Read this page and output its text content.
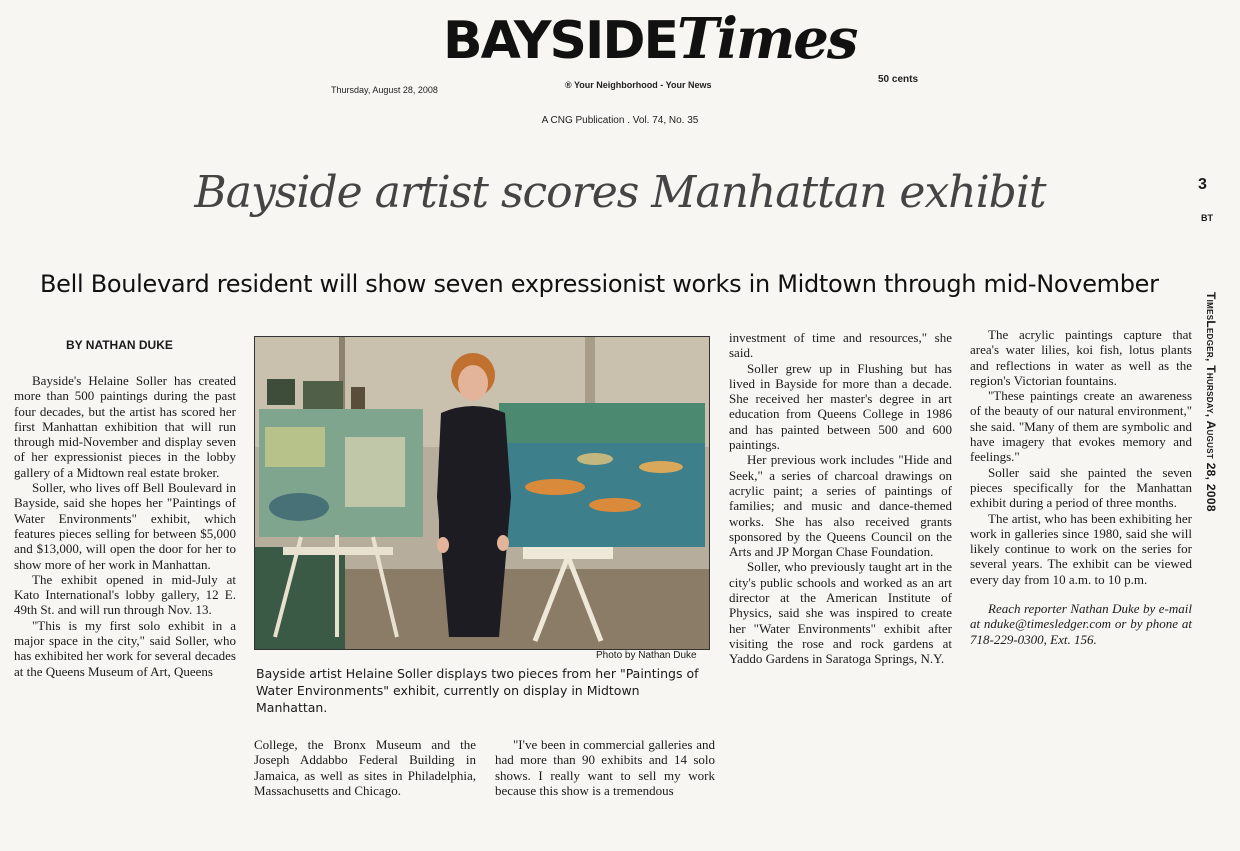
BAYSIDETimes
Thursday, August 28, 2008	® Your Neighborhood - Your News	50 cents
A CNG Publication . Vol. 74, No. 35
3
BT
TimesLedger, Thursday, August 28, 2008
Bayside artist scores Manhattan exhibit
Bell Boulevard resident will show seven expressionist works in Midtown through mid-November
BY NATHAN DUKE

Bayside's Helaine Soller has created more than 500 paintings during the past four decades, but the artist has scored her first Manhattan exhibition that will run through mid-November and display seven of her expressionist pieces in the lobby gallery of a Midtown real estate broker.

Soller, who lives off Bell Boulevard in Bayside, said she hopes her "Paintings of Water Environments" exhibit, which features pieces selling for between $5,000 and $13,000, will open the door for her to show more of her work in Manhattan.

The exhibit opened in mid-July at Kato International's lobby gallery, 12 E. 49th St. and will run through Nov. 13.

"This is my first solo exhibit in a major space in the city," said Soller, who has exhibited her work for several decades at the Queens Museum of Art, Queens

Photo by Nathan Duke
Bayside artist Helaine Soller displays two pieces from her "Paintings of Water Environments" exhibit, currently on display in Midtown Manhattan.

College, the Bronx Museum and the Joseph Addabbo Federal Building in Jamaica, as well as sites in Philadelphia, Massachusetts and Chicago.

"I've been in commercial galleries and had more than 90 exhibits and 14 solo shows. I really want to sell my work because this show is a tremendous

investment of time and resources," she said.

Soller grew up in Flushing but has lived in Bayside for more than a decade. She received her master's degree in art education from Queens College in 1986 and has painted between 500 and 600 paintings.

Her previous work includes "Hide and Seek," a series of charcoal drawings on acrylic paint; a series of paintings of families; and music and dance-themed works. She has also received grants sponsored by the Queens Council on the Arts and JP Morgan Chase Foundation.

Soller, who previously taught art in the city's public schools and worked as an art director at the American Institute of Physics, said she was inspired to create her "Water Environments" exhibit after visiting the rose and rock gardens at Yaddo Gardens in Saratoga Springs, N.Y.

The acrylic paintings capture that area's water lilies, koi fish, lotus plants and reflections in water as well as the region's Victorian fountains.

"These paintings create an awareness of the beauty of our natural environment," she said. "Many of them are symbolic and have imagery that evokes memory and feelings."

Soller said she painted the seven pieces specifically for the Manhattan exhibit during a period of three months.

The artist, who has been exhibiting her work in galleries since 1980, said she will likely continue to work on the series for several years. The exhibit can be viewed every day from 10 a.m. to 10 p.m.

Reach reporter Nathan Duke by e-mail at nduke@timesledger.com or by phone at 718-229-0300, Ext. 156.
